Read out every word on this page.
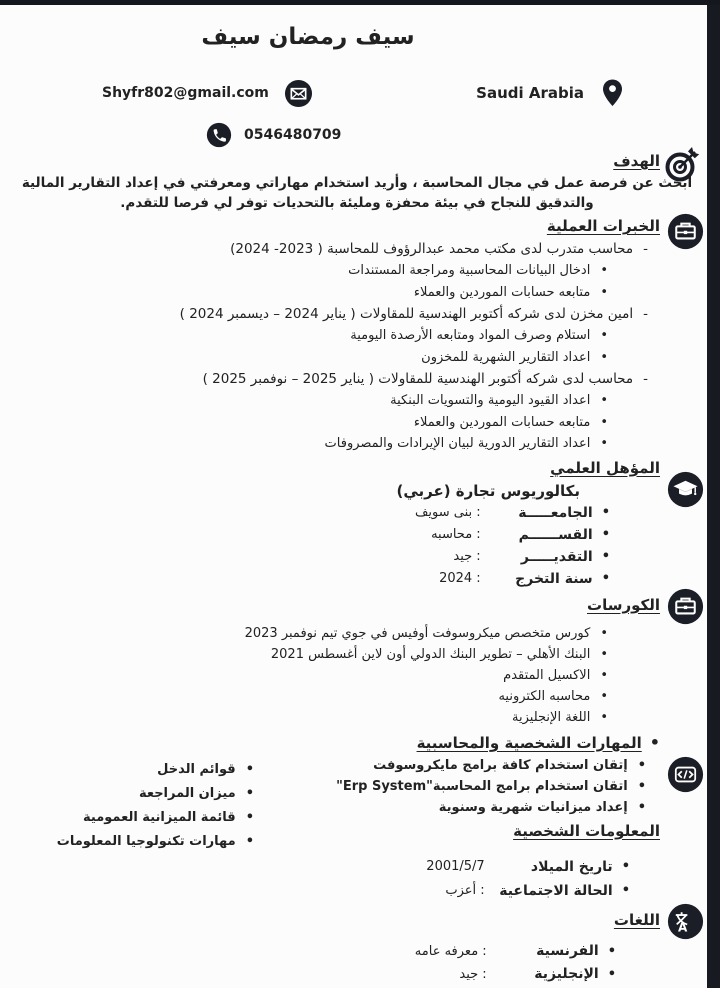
سيف رمضان سيف
Shyfr802@gmail.com	Saudi Arabia
0546480709
الهدف

أبحث عن فرصة عمل في مجال المحاسبة ، وأريد استخدام مهاراتي ومعرفتي في إعداد التقارير المالية والتدقيق للنجاح في بيئة محفزة ومليئة بالتحديات توفر لي فرصا للتقدم.

الخبرات العملية
- محاسب متدرب لدى مكتب محمد عبدالرؤوف للمحاسبة ( 2023- 2024)
• ادخال البيانات المحاسبية ومراجعة المستندات
• متابعه حسابات الموردين والعملاء
- امين مخزن لدى شركه أكتوبر الهندسية للمقاولات ( يناير 2024 – ديسمبر 2024 )
• استلام وصرف المواد ومتابعه الأرصدة اليومية
• اعداد التقارير الشهرية للمخزون
- محاسب لدى شركه أكتوبر الهندسية للمقاولات ( يناير 2025 – نوفمبر 2025 )
• اعداد القيود اليومية والتسويات البنكية
• متابعه حسابات الموردين والعملاء
• اعداد التقارير الدورية لبيان الإيرادات والمصروفات
المؤهل العلمي
بكالوريوس تجارة (عربي)
• الجامعـــــة
: بنى سويف
• القســــــم
: محاسبه
• التقديـــــر
: جيد
• سنة التخرج
: 2024
الكورسات
• كورس متخصص ميكروسوفت أوفيس في جوي تيم نوفمبر 2023
• البنك الأهلي – تطوير البنك الدولي أون لاين أغسطس 2021
• الاكسيل المتقدم
• محاسبه الكترونيه
• اللغة الإنجليزية
• المهارات الشخصية والمحاسبية
• إتقان استخدام كافة برامج مايكروسوفت
• اتقان استخدام برامج المحاسبة"Erp System"
• إعداد ميزانيات شهرية وسنوية
• قوائم الدخل
• ميزان المراجعة
• قائمة الميزانية العمومية
• مهارات تكنولوجيا المعلومات
المعلومات الشخصية
• تاريخ الميلاد
2001/5/7
• الحالة الاجتماعية
: أعزب
A
اللغات
• الفرنسية
: معرفه عامه
• الإنجليزية
: جيد
